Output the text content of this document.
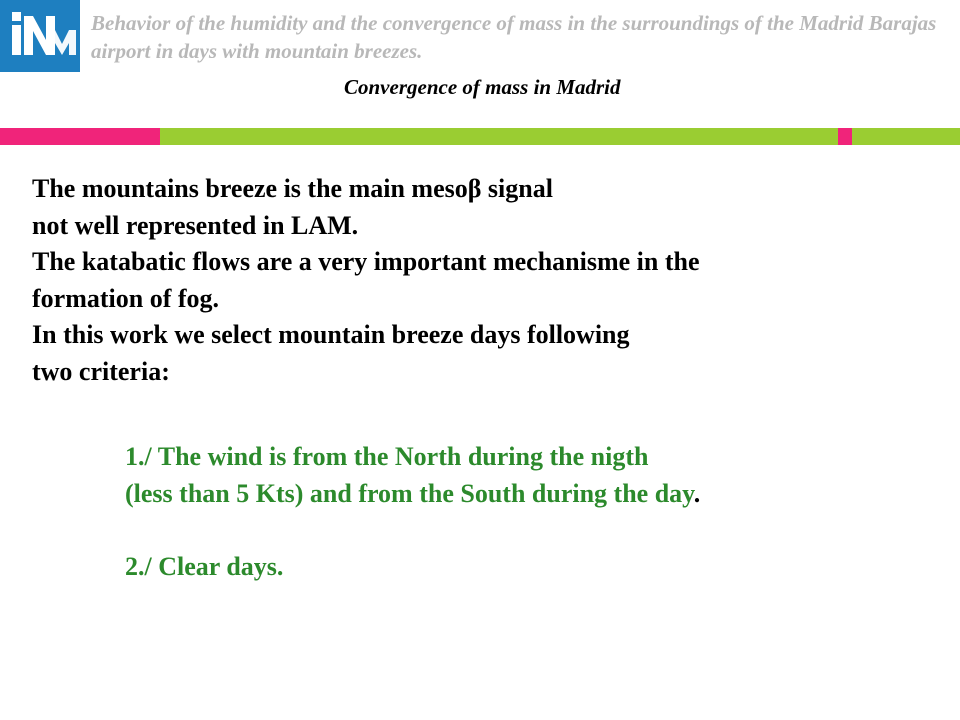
Behavior of the humidity and the convergence of mass in the surroundings of the Madrid Barajas airport in days with mountain breezes.

Convergence of mass in Madrid

The mountains breeze is the main mesoβ signal
not well represented in LAM.
The katabatic flows are a very important mechanisme in the
formation of fog.
In this work we select mountain breeze days following
two criteria:
1./ The wind is from the North during the nigth
(less than 5 Kts) and from the South during the day.
2./ Clear days.
